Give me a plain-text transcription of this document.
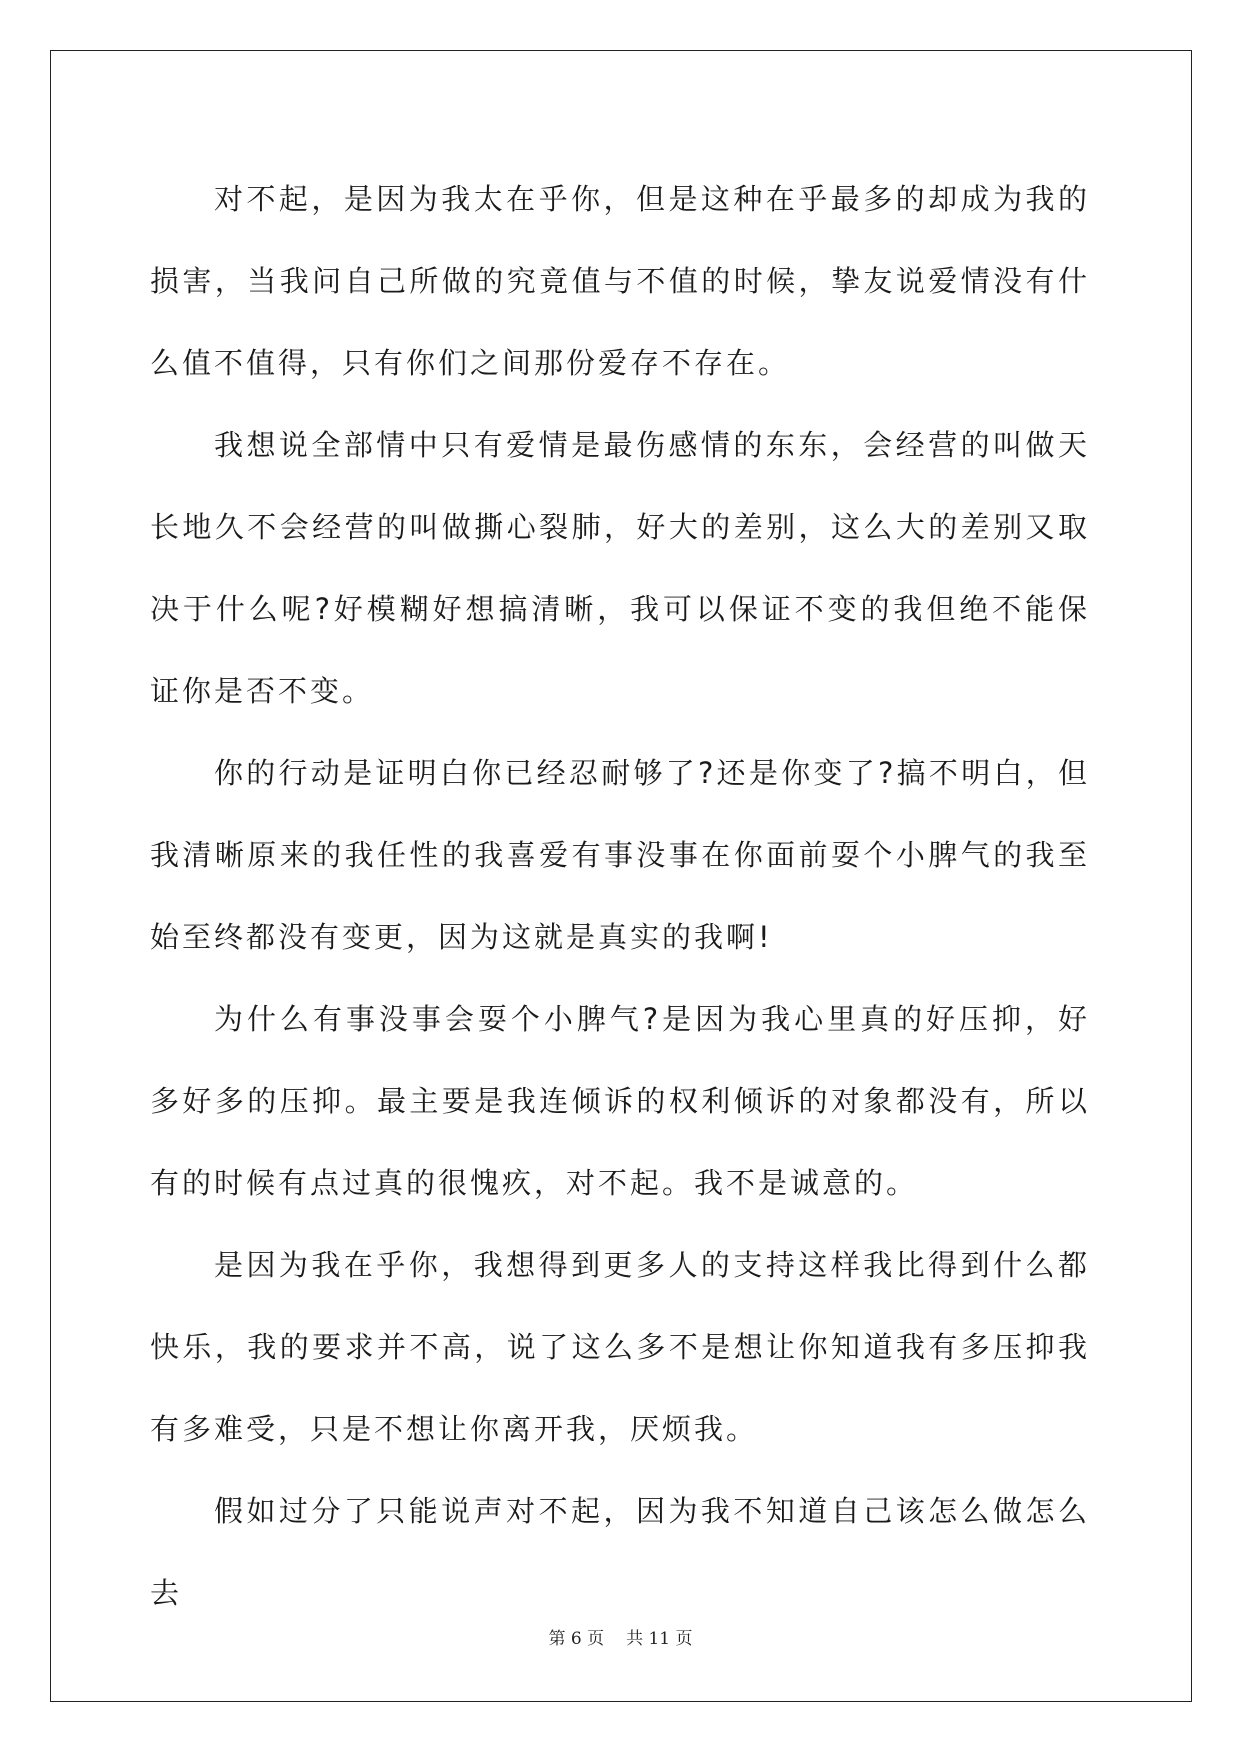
对不起，是因为我太在乎你，但是这种在乎最多的却成为我的损害，当我问自己所做的究竟值与不值的时候，挚友说爱情没有什么值不值得，只有你们之间那份爱存不存在。

我想说全部情中只有爱情是最伤感情的东东，会经营的叫做天长地久不会经营的叫做撕心裂肺，好大的差别，这么大的差别又取决于什么呢?好模糊好想搞清晰，我可以保证不变的我但绝不能保证你是否不变。

你的行动是证明白你已经忍耐够了?还是你变了?搞不明白，但我清晰原来的我任性的我喜爱有事没事在你面前耍个小脾气的我至始至终都没有变更，因为这就是真实的我啊!

为什么有事没事会耍个小脾气?是因为我心里真的好压抑，好多好多的压抑。最主要是我连倾诉的权利倾诉的对象都没有，所以有的时候有点过真的很愧疚，对不起。我不是诚意的。

是因为我在乎你，我想得到更多人的支持这样我比得到什么都快乐，我的要求并不高，说了这么多不是想让你知道我有多压抑我有多难受，只是不想让你离开我，厌烦我。

假如过分了只能说声对不起，因为我不知道自己该怎么做怎么去

第 6 页 共 11 页
